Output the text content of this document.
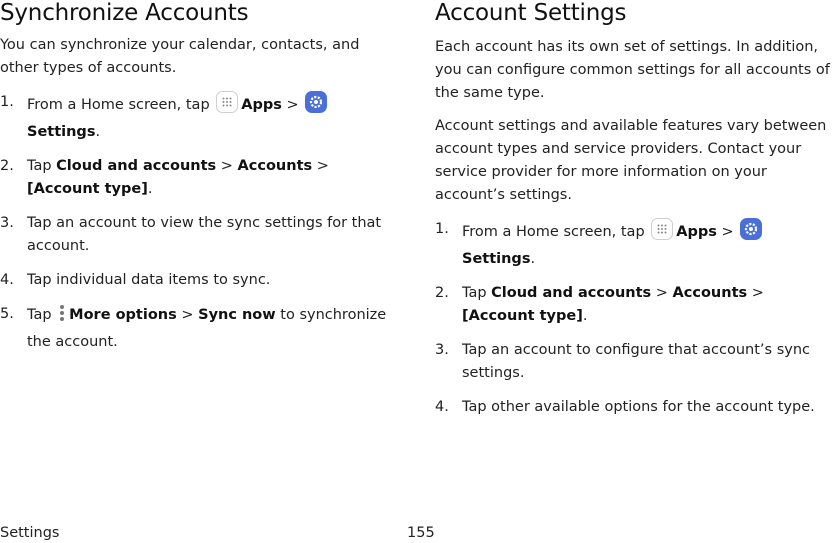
Synchronize Accounts

You can synchronize your calendar, contacts, and other types of accounts.

1. From a Home screen, tap Apps > Settings.
2. Tap Cloud and accounts > Accounts >
[Account type].
3. Tap an account to view the sync settings for that account.
4. Tap individual data items to sync.
5. Tap More options > Sync now to synchronize the account.
Account Settings

Each account has its own set of settings. In addition, you can configure common settings for all accounts of the same type.

Account settings and available features vary between account types and service providers. Contact your service provider for more information on your account’s settings.

1. From a Home screen, tap Apps > Settings.
2. Tap Cloud and accounts > Accounts >
[Account type].
3. Tap an account to configure that account’s sync settings.
4. Tap other available options for the account type.
Settings	155
